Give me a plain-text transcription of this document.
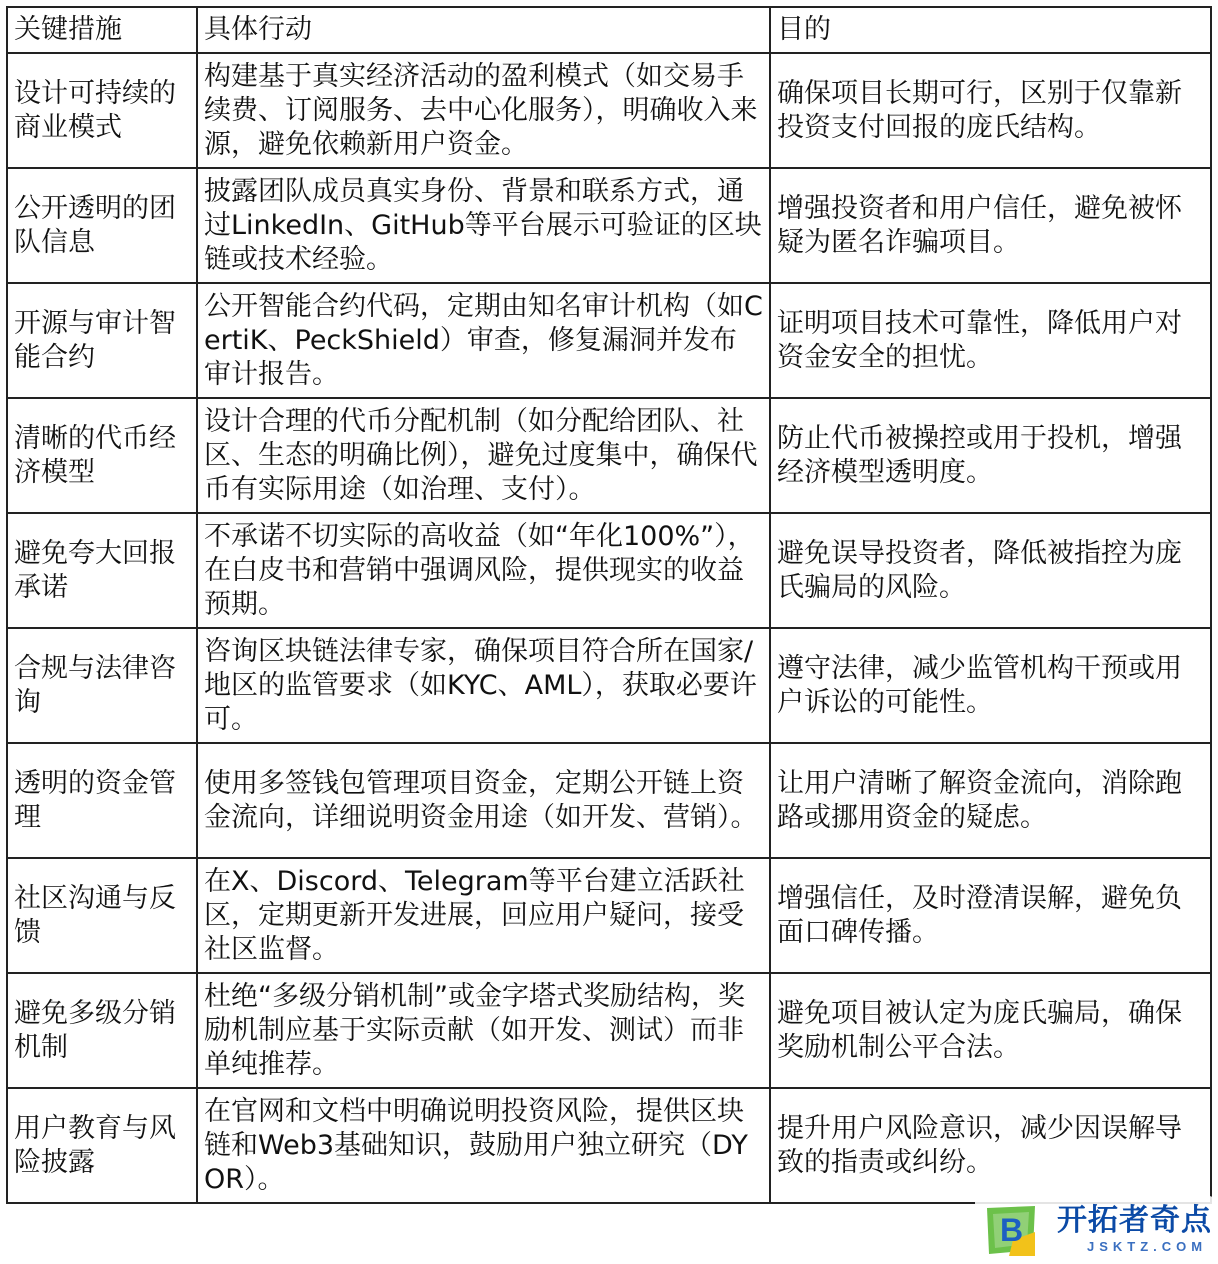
关键措施	具体行动	目的
设计可持续的商业模式	构建基于真实经济活动的盈利模式（如交易手续费、订阅服务、去中心化服务），明确收入来源，避免依赖新用户资金。	确保项目长期可行，区别于仅靠新投资支付回报的庞氏结构。
公开透明的团队信息	披露团队成员真实身份、背景和联系方式，通过LinkedIn、GitHub等平台展示可验证的区块链或技术经验。	增强投资者和用户信任，避免被怀疑为匿名诈骗项目。
开源与审计智能合约	公开智能合约代码，定期由知名审计机构（如CertiK、PeckShield）审查，修复漏洞并发布审计报告。	证明项目技术可靠性，降低用户对资金安全的担忧。
清晰的代币经济模型	设计合理的代币分配机制（如分配给团队、社区、生态的明确比例），避免过度集中，确保代币有实际用途（如治理、支付）。	防止代币被操控或用于投机，增强经济模型透明度。
避免夸大回报承诺	不承诺不切实际的高收益（如“年化100%”），在白皮书和营销中强调风险，提供现实的收益预期。	避免误导投资者，降低被指控为庞氏骗局的风险。
合规与法律咨询	咨询区块链法律专家，确保项目符合所在国家/地区的监管要求（如KYC、AML），获取必要许可。	遵守法律，减少监管机构干预或用户诉讼的可能性。
透明的资金管理	使用多签钱包管理项目资金，定期公开链上资金流向，详细说明资金用途（如开发、营销）。	让用户清晰了解资金流向，消除跑路或挪用资金的疑虑。
社区沟通与反馈	在X、Discord、Telegram等平台建立活跃社区，定期更新开发进展，回应用户疑问，接受社区监督。	增强信任，及时澄清误解，避免负面口碑传播。
避免多级分销机制	杜绝“多级分销机制”或金字塔式奖励结构，奖励机制应基于实际贡献（如开发、测试）而非单纯推荐。	避免项目被认定为庞氏骗局，确保奖励机制公平合法。
用户教育与风险披露	在官网和文档中明确说明投资风险，提供区块链和Web3基础知识，鼓励用户独立研究（DYOR）。	提升用户风险意识，减少因误解导致的指责或纠纷。
B 开拓者奇点
JSKTZ.COM
